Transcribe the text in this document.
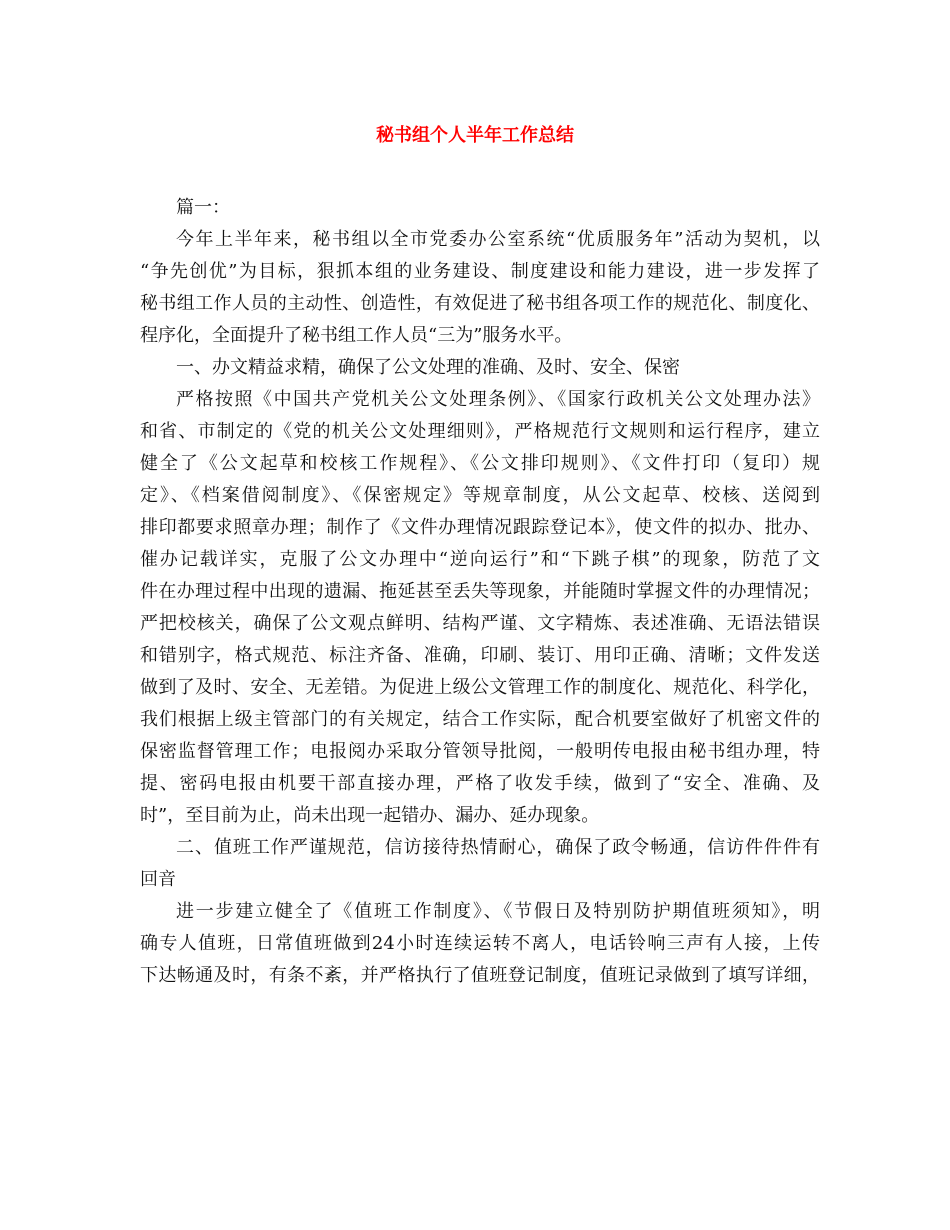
秘书组个人半年工作总结
篇一：
今年上半年来，秘书组以全市党委办公室系统“优质服务年”活动为契机，以
“争先创优”为目标，狠抓本组的业务建设、制度建设和能力建设，进一步发挥了
秘书组工作人员的主动性、创造性，有效促进了秘书组各项工作的规范化、制度化、
程序化，全面提升了秘书组工作人员“三为”服务水平。
一、办文精益求精，确保了公文处理的准确、及时、安全、保密
严格按照《中国共产党机关公文处理条例》、《国家行政机关公文处理办法》
和省、市制定的《党的机关公文处理细则》，严格规范行文规则和运行程序，建立
健全了《公文起草和校核工作规程》、《公文排印规则》、《文件打印（复印）规
定》、《档案借阅制度》、《保密规定》等规章制度，从公文起草、校核、送阅到
排印都要求照章办理；制作了《文件办理情况跟踪登记本》，使文件的拟办、批办、
催办记载详实，克服了公文办理中“逆向运行”和“下跳子棋”的现象，防范了文
件在办理过程中出现的遗漏、拖延甚至丢失等现象，并能随时掌握文件的办理情况；
严把校核关，确保了公文观点鲜明、结构严谨、文字精炼、表述准确、无语法错误
和错别字，格式规范、标注齐备、准确，印刷、装订、用印正确、清晰；文件发送
做到了及时、安全、无差错。为促进上级公文管理工作的制度化、规范化、科学化，
我们根据上级主管部门的有关规定，结合工作实际，配合机要室做好了机密文件的
保密监督管理工作；电报阅办采取分管领导批阅，一般明传电报由秘书组办理，特
提、密码电报由机要干部直接办理，严格了收发手续，做到了“安全、准确、及
时”，至目前为止，尚未出现一起错办、漏办、延办现象。
二、值班工作严谨规范，信访接待热情耐心，确保了政令畅通，信访件件件有
回音
进一步建立健全了《值班工作制度》、《节假日及特别防护期值班须知》，明
确专人值班，日常值班做到24小时连续运转不离人，电话铃响三声有人接，上传
下达畅通及时，有条不紊，并严格执行了值班登记制度，值班记录做到了填写详细，
